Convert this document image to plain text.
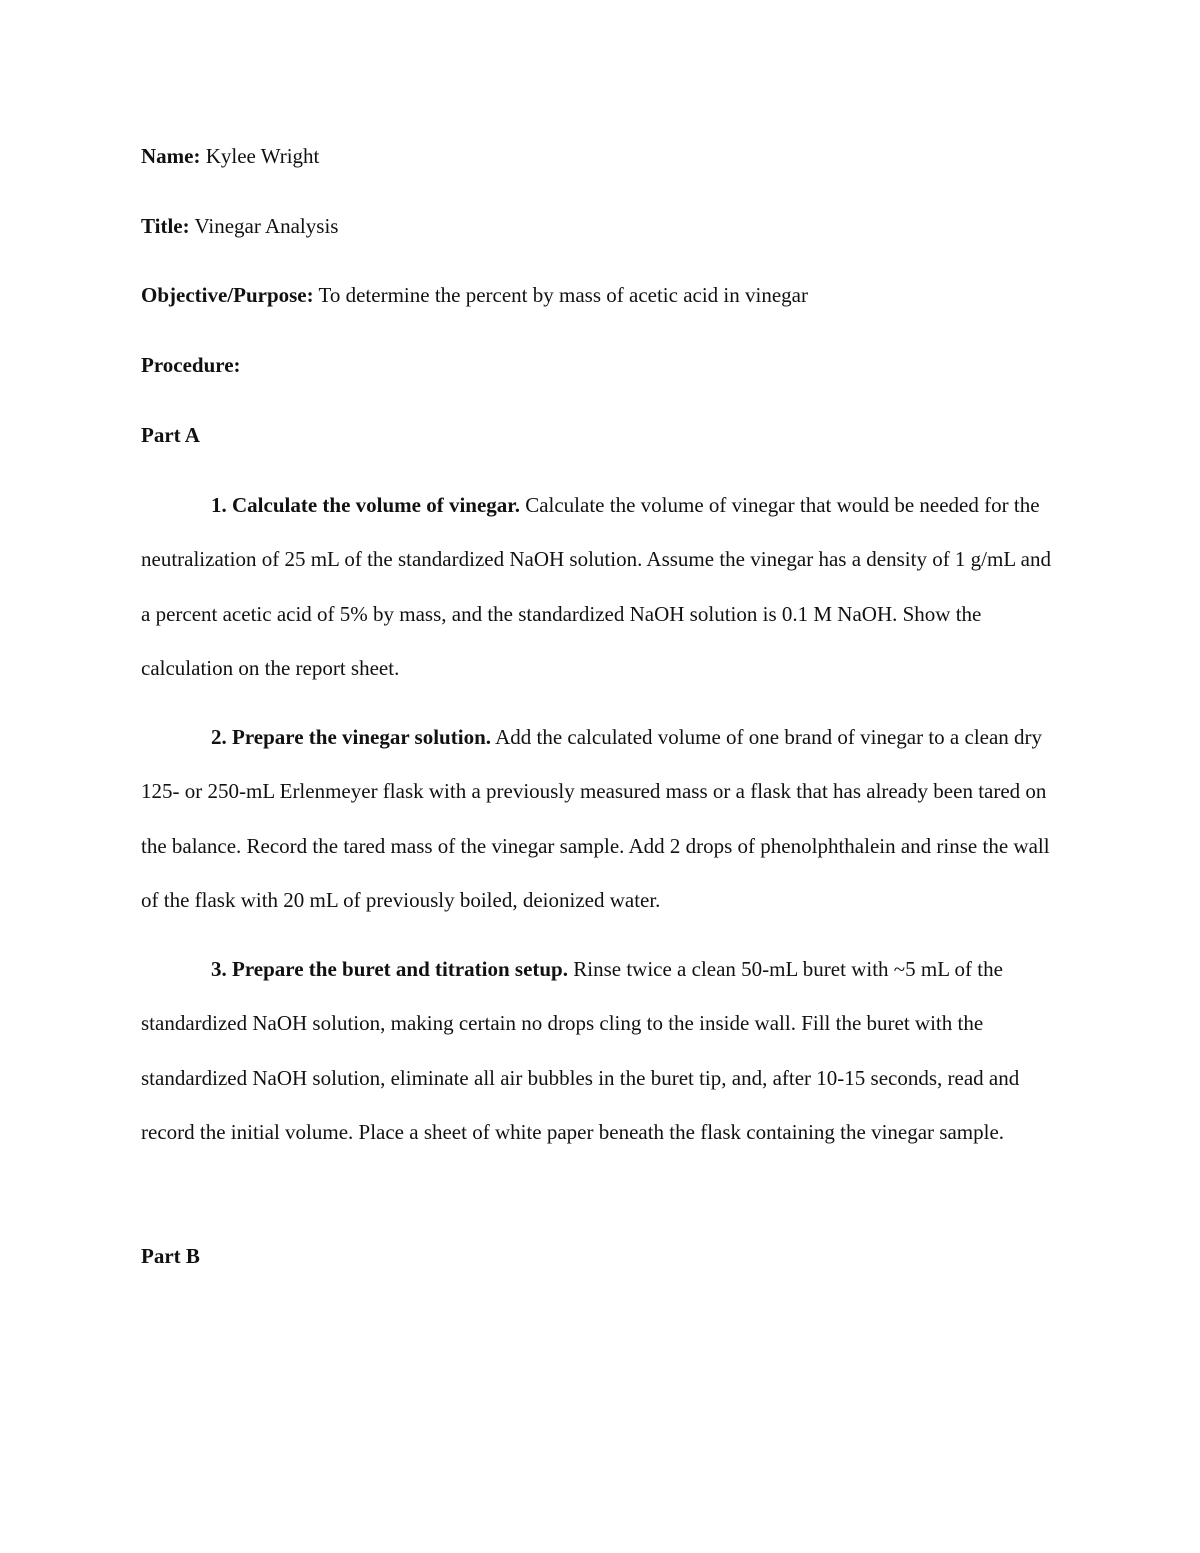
Name: Kylee Wright

Title: Vinegar Analysis

Objective/Purpose: To determine the percent by mass of acetic acid in vinegar

Procedure:

Part A

1. Calculate the volume of vinegar. Calculate the volume of vinegar that would be needed for the neutralization of 25 mL of the standardized NaOH solution. Assume the vinegar has a density of 1 g/mL and a percent acetic acid of 5% by mass, and the standardized NaOH solution is 0.1 M NaOH. Show the calculation on the report sheet.

2. Prepare the vinegar solution. Add the calculated volume of one brand of vinegar to a clean dry 125- or 250-mL Erlenmeyer flask with a previously measured mass or a flask that has already been tared on the balance. Record the tared mass of the vinegar sample. Add 2 drops of phenolphthalein and rinse the wall of the flask with 20 mL of previously boiled, deionized water.

3. Prepare the buret and titration setup. Rinse twice a clean 50-mL buret with ~5 mL of the standardized NaOH solution, making certain no drops cling to the inside wall. Fill the buret with the standardized NaOH solution, eliminate all air bubbles in the buret tip, and, after 10-15 seconds, read and record the initial volume. Place a sheet of white paper beneath the flask containing the vinegar sample.

Part B
